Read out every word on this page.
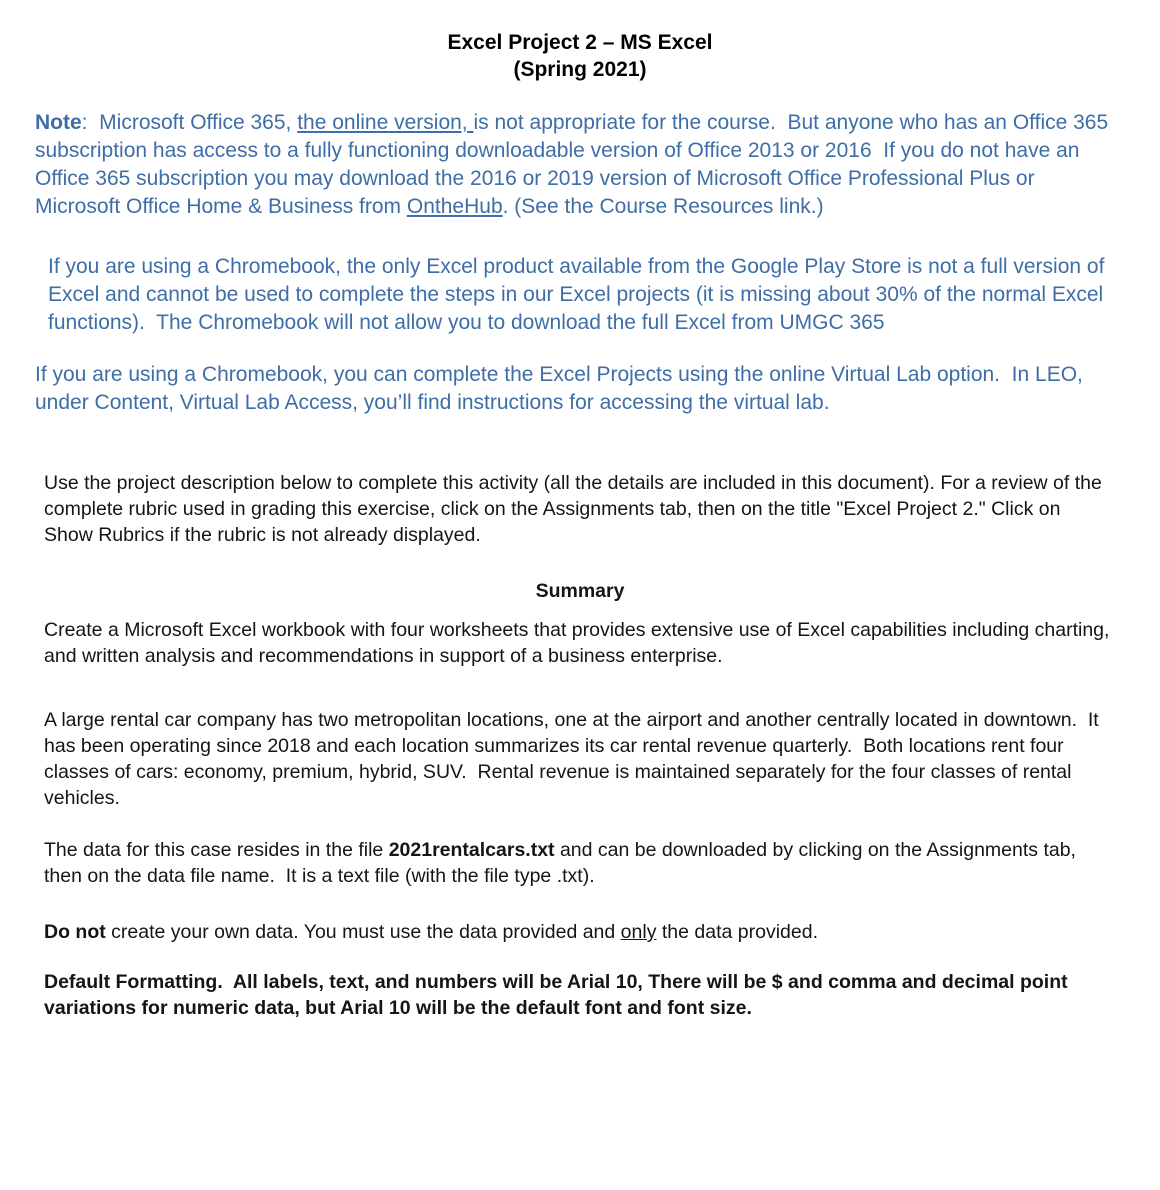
Excel Project 2 – MS Excel
(Spring 2021)

Note:  Microsoft Office 365, the online version, is not appropriate for the course.  But anyone who has an Office 365 subscription has access to a fully functioning downloadable version of Office 2013 or 2016  If you do not have an Office 365 subscription you may download the 2016 or 2019 version of Microsoft Office Professional Plus or Microsoft Office Home & Business from OntheHub. (See the Course Resources link.)

If you are using a Chromebook, the only Excel product available from the Google Play Store is not a full version of Excel and cannot be used to complete the steps in our Excel projects (it is missing about 30% of the normal Excel functions).  The Chromebook will not allow you to download the full Excel from UMGC 365

If you are using a Chromebook, you can complete the Excel Projects using the online Virtual Lab option.  In LEO, under Content, Virtual Lab Access, you’ll find instructions for accessing the virtual lab.

Use the project description below to complete this activity (all the details are included in this document). For a review of the complete rubric used in grading this exercise, click on the Assignments tab, then on the title "Excel Project 2." Click on Show Rubrics if the rubric is not already displayed.

Summary

Create a Microsoft Excel workbook with four worksheets that provides extensive use of Excel capabilities including charting, and written analysis and recommendations in support of a business enterprise.

A large rental car company has two metropolitan locations, one at the airport and another centrally located in downtown.  It has been operating since 2018 and each location summarizes its car rental revenue quarterly.  Both locations rent four classes of cars: economy, premium, hybrid, SUV.  Rental revenue is maintained separately for the four classes of rental vehicles.

The data for this case resides in the file 2021rentalcars.txt and can be downloaded by clicking on the Assignments tab, then on the data file name.  It is a text file (with the file type .txt).

Do not create your own data. You must use the data provided and only the data provided.

Default Formatting.  All labels, text, and numbers will be Arial 10, There will be $ and comma and decimal point variations for numeric data, but Arial 10 will be the default font and font size.
